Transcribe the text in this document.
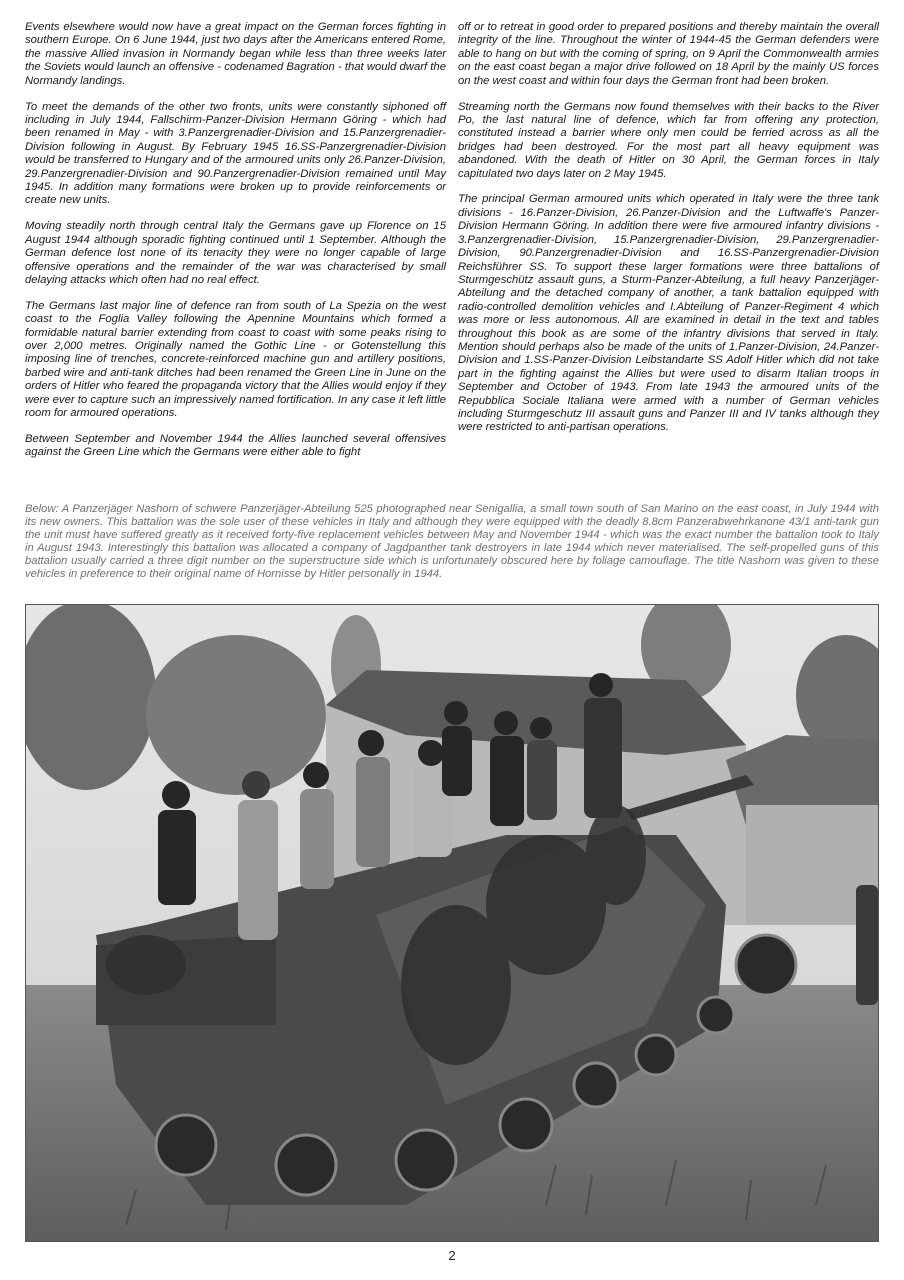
Events elsewhere would now have a great impact on the German forces fighting in southern Europe. On 6 June 1944, just two days after the Americans entered Rome, the massive Allied invasion in Normandy began while less than three weeks later the Soviets would launch an offensive - codenamed Bagration - that would dwarf the Normandy landings.

To meet the demands of the other two fronts, units were constantly siphoned off including in July 1944, Fallschirm-Panzer-Division Hermann Göring - which had been renamed in May - with 3.Panzergrenadier-Division and 15.Panzergrenadier-Division following in August. By February 1945 16.SS-Panzergrenadier-Division would be transferred to Hungary and of the armoured units only 26.Panzer-Division, 29.Panzergrenadier-Division and 90.Panzergrenadier-Division remained until May 1945. In addition many formations were broken up to provide reinforcements or create new units.

Moving steadily north through central Italy the Germans gave up Florence on 15 August 1944 although sporadic fighting continued until 1 September. Although the German defence lost none of its tenacity they were no longer capable of large offensive operations and the remainder of the war was characterised by small delaying attacks which often had no real effect.

The Germans last major line of defence ran from south of La Spezia on the west coast to the Foglia Valley following the Apennine Mountains which formed a formidable natural barrier extending from coast to coast with some peaks rising to over 2,000 metres. Originally named the Gothic Line - or Gotenstellung this imposing line of trenches, concrete-reinforced machine gun and artillery positions, barbed wire and anti-tank ditches had been renamed the Green Line in June on the orders of Hitler who feared the propaganda victory that the Allies would enjoy if they were ever to capture such an impressively named fortification. In any case it left little room for armoured operations.

Between September and November 1944 the Allies launched several offensives against the Green Line which the Germans were either able to fight

off or to retreat in good order to prepared positions and thereby maintain the overall integrity of the line. Throughout the winter of 1944-45 the German defenders were able to hang on but with the coming of spring, on 9 April the Commonwealth armies on the east coast began a major drive followed on 18 April by the mainly US forces on the west coast and within four days the German front had been broken.

Streaming north the Germans now found themselves with their backs to the River Po, the last natural line of defence, which far from offering any protection, constituted instead a barrier where only men could be ferried across as all the bridges had been destroyed. For the most part all heavy equipment was abandoned. With the death of Hitler on 30 April, the German forces in Italy capitulated two days later on 2 May 1945.

The principal German armoured units which operated in Italy were the three tank divisions - 16.Panzer-Division, 26.Panzer-Division and the Luftwaffe's Panzer-Division Hermann Göring. In addition there were five armoured infantry divisions - 3.Panzergrenadier-Division, 15.Panzergrenadier-Division, 29.Panzergrenadier-Division, 90.Panzergrenadier-Division and 16.SS-Panzergrenadier-Division Reichsführer SS. To support these larger formations were three battalions of Sturmgeschütz assault guns, a Sturm-Panzer-Abteilung, a full heavy Panzerjäger-Abteilung and the detached company of another, a tank battalion equipped with radio-controlled demolition vehicles and I.Abteilung of Panzer-Regiment 4 which was more or less autonomous. All are examined in detail in the text and tables throughout this book as are some of the infantry divisions that served in Italy. Mention should perhaps also be made of the units of 1.Panzer-Division, 24.Panzer-Division and 1.SS-Panzer-Division Leibstandarte SS Adolf Hitler which did not take part in the fighting against the Allies but were used to disarm Italian troops in September and October of 1943. From late 1943 the armoured units of the Repubblica Sociale Italiana were armed with a number of German vehicles including Sturmgeschutz III assault guns and Panzer III and IV tanks although they were restricted to anti-partisan operations.

Below: A Panzerjäger Nashorn of schwere Panzerjäger-Abteilung 525 photographed near Senigallia, a small town south of San Marino on the east coast, in July 1944 with its new owners. This battalion was the sole user of these vehicles in Italy and although they were equipped with the deadly 8.8cm Panzerabwehrkanone 43/1 anti-tank gun the unit must have suffered greatly as it received forty-five replacement vehicles between May and November 1944 - which was the exact number the battalion took to Italy in August 1943. Interestingly this battalion was allocated a company of Jagdpanther tank destroyers in late 1944 which never materialised. The self-propelled guns of this battalion usually carried a three digit number on the superstructure side which is unfortunately obscured here by foliage camouflage. The title Nashorn was given to these vehicles in preference to their original name of Hornisse by Hitler personally in 1944.

2
